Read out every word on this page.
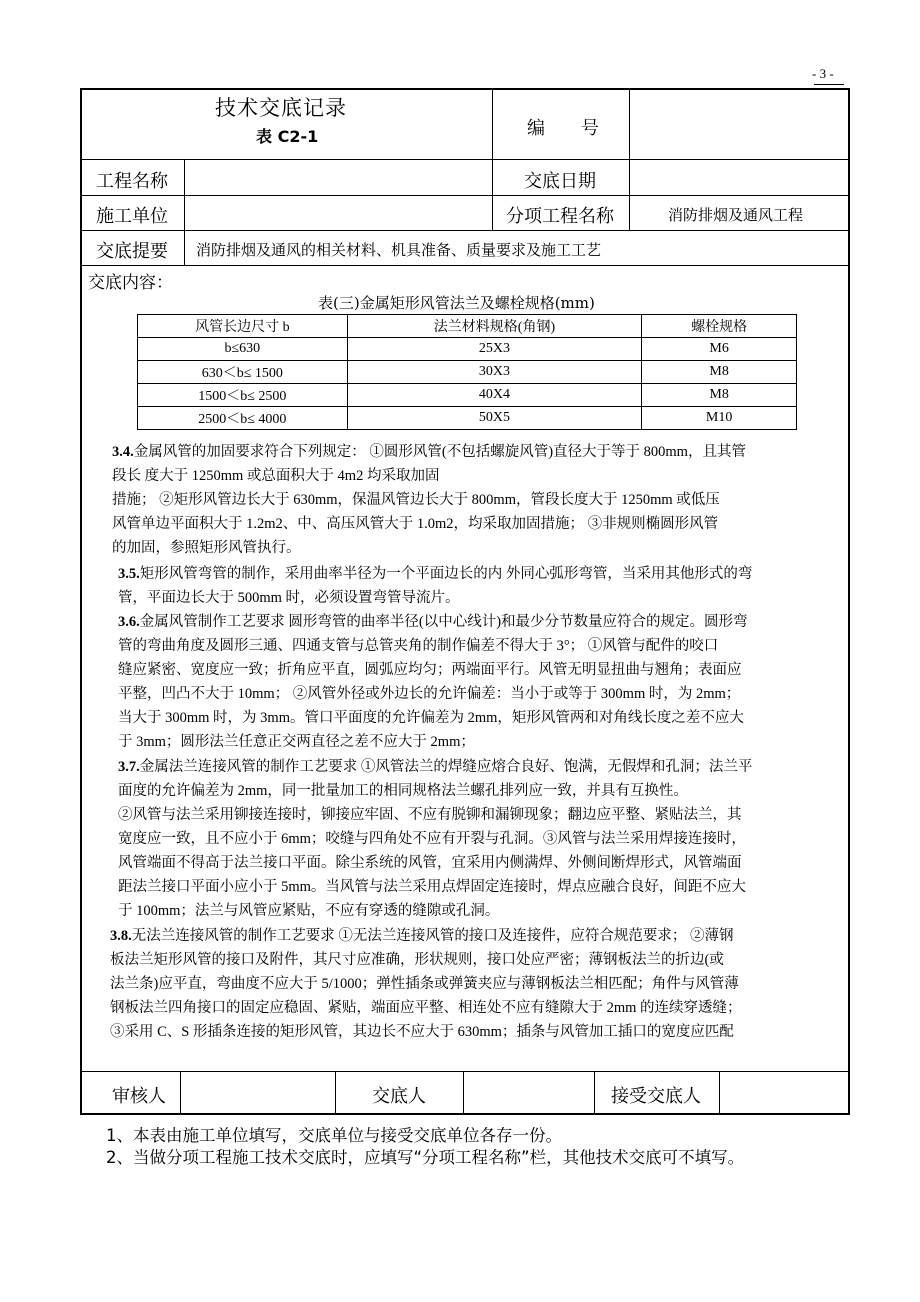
- 3 -
技术交底记录
表 C2-1	编　　号
工程名称	交底日期
施工单位	分项工程名称	消防排烟及通风工程
交底提要 消防排烟及通风的相关材料、机具准备、质量要求及施工工艺
交底内容：
表(三)金属矩形风管法兰及螺栓规格(mm)
风管长边尺寸 b	法兰材料规格(角钢)	螺栓规格
b≤630	25X3	M6
630＜b≤ 1500	30X3	M8
1500＜b≤ 2500	40X4	M8
2500＜b≤ 4000	50X5	M10
3.4.金属风管的加固要求符合下列规定： ①圆形风管(不包括螺旋风管)直径大于等于 800mm，且其管
段长 度大于 1250mm 或总面积大于 4m2 均采取加固
措施； ②矩形风管边长大于 630mm，保温风管边长大于 800mm，管段长度大于 1250mm 或低压
风管单边平面积大于 1.2m2、中、高压风管大于 1.0m2，均采取加固措施； ③非规则椭圆形风管
的加固，参照矩形风管执行。
3.5.矩形风管弯管的制作，采用曲率半径为一个平面边长的内 外同心弧形弯管，当采用其他形式的弯
管，平面边长大于 500mm 时，必须设置弯管导流片。
3.6.金属风管制作工艺要求 圆形弯管的曲率半径(以中心线计)和最少分节数量应符合的规定。圆形弯
管的弯曲角度及圆形三通、四通支管与总管夹角的制作偏差不得大于 3°； ①风管与配件的咬口
缝应紧密、宽度应一致；折角应平直，圆弧应均匀；两端面平行。风管无明显扭曲与翘角；表面应
平整，凹凸不大于 10mm； ②风管外径或外边长的允许偏差：当小于或等于 300mm 时，为 2mm；
当大于 300mm 时，为 3mm。管口平面度的允许偏差为 2mm，矩形风管两和对角线长度之差不应大
于 3mm；圆形法兰任意正交两直径之差不应大于 2mm；
3.7.金属法兰连接风管的制作工艺要求 ①风管法兰的焊缝应熔合良好、饱满，无假焊和孔洞；法兰平
面度的允许偏差为 2mm，同一批量加工的相同规格法兰螺孔排列应一致，并具有互换性。
②风管与法兰采用铆接连接时，铆接应牢固、不应有脱铆和漏铆现象；翻边应平整、紧贴法兰，其
宽度应一致，且不应小于 6mm；咬缝与四角处不应有开裂与孔洞。③风管与法兰采用焊接连接时，
风管端面不得高于法兰接口平面。除尘系统的风管，宜采用内侧满焊、外侧间断焊形式，风管端面
距法兰接口平面小应小于 5mm。当风管与法兰采用点焊固定连接时，焊点应融合良好，间距不应大
于 100mm；法兰与风管应紧贴，不应有穿透的缝隙或孔洞。
3.8.无法兰连接风管的制作工艺要求 ①无法兰连接风管的接口及连接件，应符合规范要求； ②薄钢
板法兰矩形风管的接口及附件，其尺寸应准确，形状规则，接口处应严密；薄钢板法兰的折边(或
法兰条)应平直，弯曲度不应大于 5/1000；弹性插条或弹簧夹应与薄钢板法兰相匹配；角件与风管薄
钢板法兰四角接口的固定应稳固、紧贴，端面应平整、相连处不应有缝隙大于 2mm 的连续穿透缝；
③采用 C、S 形插条连接的矩形风管，其边长不应大于 630mm；插条与风管加工插口的宽度应匹配
审核人	交底人	接受交底人
1、本表由施工单位填写，交底单位与接受交底单位各存一份。
2、当做分项工程施工技术交底时，应填写“分项工程名称”栏，其他技术交底可不填写。
